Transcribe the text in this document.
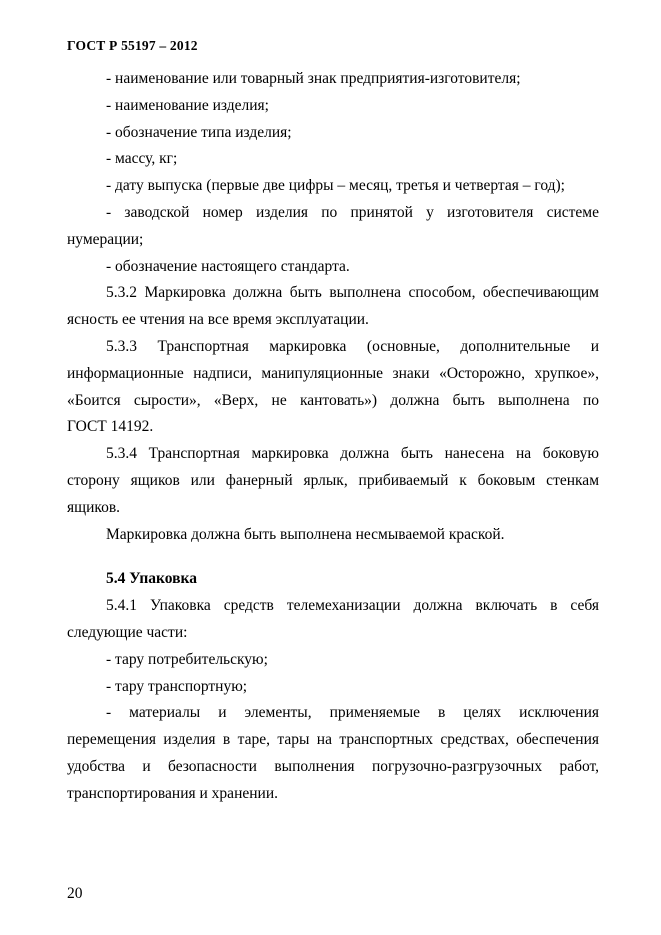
ГОСТ Р 55197 – 2012
- наименование или товарный знак предприятия-изготовителя;
- наименование изделия;
- обозначение типа изделия;
- массу, кг;
- дату выпуска (первые две цифры – месяц, третья и четвертая – год);
- заводской номер изделия по принятой у изготовителя системе
нумерации;
- обозначение настоящего стандарта.
5.3.2 Маркировка должна быть выполнена способом, обеспечивающим
ясность ее чтения на все время эксплуатации.
5.3.3 Транспортная маркировка (основные, дополнительные и
информационные надписи, манипуляционные знаки «Осторожно, хрупкое»,
«Боится сырости», «Верх, не кантовать») должна быть выполнена по
ГОСТ 14192.
5.3.4 Транспортная маркировка должна быть нанесена на боковую
сторону ящиков или фанерный ярлык, прибиваемый к боковым стенкам
ящиков.
Маркировка должна быть выполнена несмываемой краской.
5.4 Упаковка
5.4.1 Упаковка средств телемеханизации должна включать в себя
следующие части:
- тару потребительскую;
- тару транспортную;
- материалы и элементы, применяемые в целях исключения
перемещения изделия в таре, тары на транспортных средствах, обеспечения
удобства и безопасности выполнения погрузочно-разгрузочных работ,
транспортирования и хранении.
20
